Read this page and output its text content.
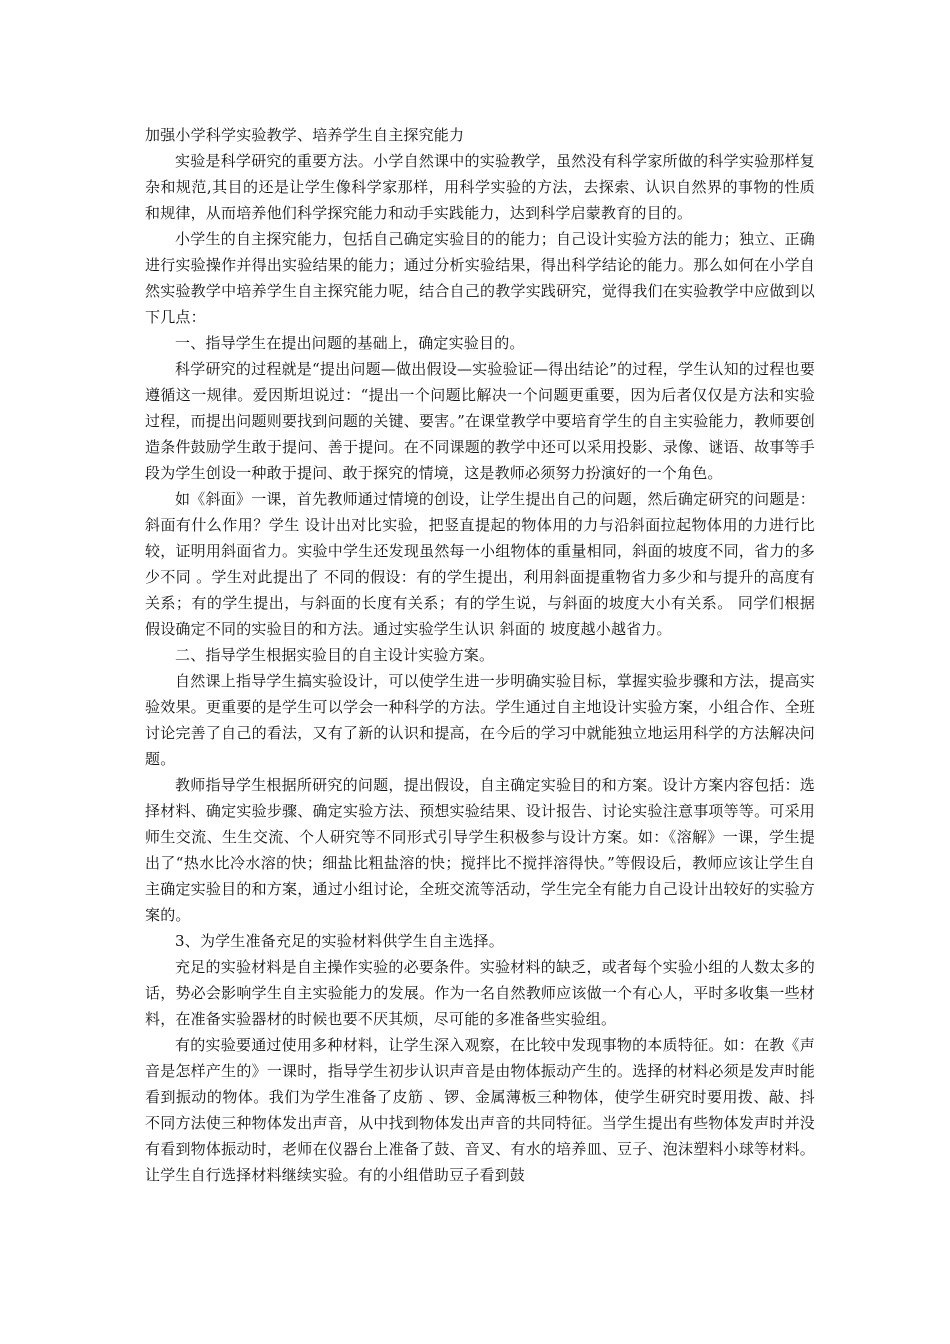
加强小学科学实验教学、培养学生自主探究能力

实验是科学研究的重要方法。小学自然课中的实验教学，虽然没有科学家所做的科学实验那样复杂和规范,其目的还是让学生像科学家那样，用科学实验的方法，去探索、认识自然界的事物的性质和规律，从而培养他们科学探究能力和动手实践能力，达到科学启蒙教育的目的。

小学生的自主探究能力，包括自己确定实验目的的能力；自己设计实验方法的能力；独立、正确进行实验操作并得出实验结果的能力；通过分析实验结果，得出科学结论的能力。那么如何在小学自然实验教学中培养学生自主探究能力呢，结合自己的教学实践研究，觉得我们在实验教学中应做到以下几点：

一、指导学生在提出问题的基础上，确定实验目的。

科学研究的过程就是“提出问题—做出假设—实验验证—得出结论”的过程，学生认知的过程也要遵循这一规律。爱因斯坦说过：“提出一个问题比解决一个问题更重要，因为后者仅仅是方法和实验过程，而提出问题则要找到问题的关键、要害。”在课堂教学中要培育学生的自主实验能力，教师要创造条件鼓励学生敢于提问、善于提问。在不同课题的教学中还可以采用投影、录像、谜语、故事等手段为学生创设一种敢于提问、敢于探究的情境，这是教师必须努力扮演好的一个角色。

如《斜面》一课，首先教师通过情境的创设，让学生提出自己的问题，然后确定研究的问题是：斜面有什么作用？学生 设计出对比实验，把竖直提起的物体用的力与沿斜面拉起物体用的力进行比较，证明用斜面省力。实验中学生还发现虽然每一小组物体的重量相同，斜面的坡度不同，省力的多少不同 。学生对此提出了 不同的假设：有的学生提出，利用斜面提重物省力多少和与提升的高度有关系；有的学生提出，与斜面的长度有关系；有的学生说，与斜面的坡度大小有关系。 同学们根据假设确定不同的实验目的和方法。通过实验学生认识 斜面的 坡度越小越省力。

二、指导学生根据实验目的自主设计实验方案。

自然课上指导学生搞实验设计，可以使学生进一步明确实验目标，掌握实验步骤和方法，提高实验效果。更重要的是学生可以学会一种科学的方法。学生通过自主地设计实验方案，小组合作、全班讨论完善了自己的看法，又有了新的认识和提高，在今后的学习中就能独立地运用科学的方法解决问题。

教师指导学生根据所研究的问题，提出假设，自主确定实验目的和方案。设计方案内容包括：选择材料、确定实验步骤、确定实验方法、预想实验结果、设计报告、讨论实验注意事项等等。可采用师生交流、生生交流、个人研究等不同形式引导学生积极参与设计方案。如：《溶解》一课，学生提出了“热水比冷水溶的快；细盐比粗盐溶的快；搅拌比不搅拌溶得快。”等假设后，教师应该让学生自主确定实验目的和方案，通过小组讨论，全班交流等活动，学生完全有能力自己设计出较好的实验方案的。

3、为学生准备充足的实验材料供学生自主选择。

充足的实验材料是自主操作实验的必要条件。实验材料的缺乏，或者每个实验小组的人数太多的话，势必会影响学生自主实验能力的发展。作为一名自然教师应该做一个有心人，平时多收集一些材料，在准备实验器材的时候也要不厌其烦，尽可能的多准备些实验组。

有的实验要通过使用多种材料，让学生深入观察，在比较中发现事物的本质特征。如：在教《声音是怎样产生的》一课时，指导学生初步认识声音是由物体振动产生的。选择的材料必须是发声时能看到振动的物体。我们为学生准备了皮筋 、锣、金属薄板三种物体，使学生研究时要用拨、敲、抖不同方法使三种物体发出声音，从中找到物体发出声音的共同特征。当学生提出有些物体发声时并没有看到物体振动时，老师在仪器台上准备了鼓、音叉、有水的培养皿、豆子、泡沫塑料小球等材料。让学生自行选择材料继续实验。有的小组借助豆子看到鼓
